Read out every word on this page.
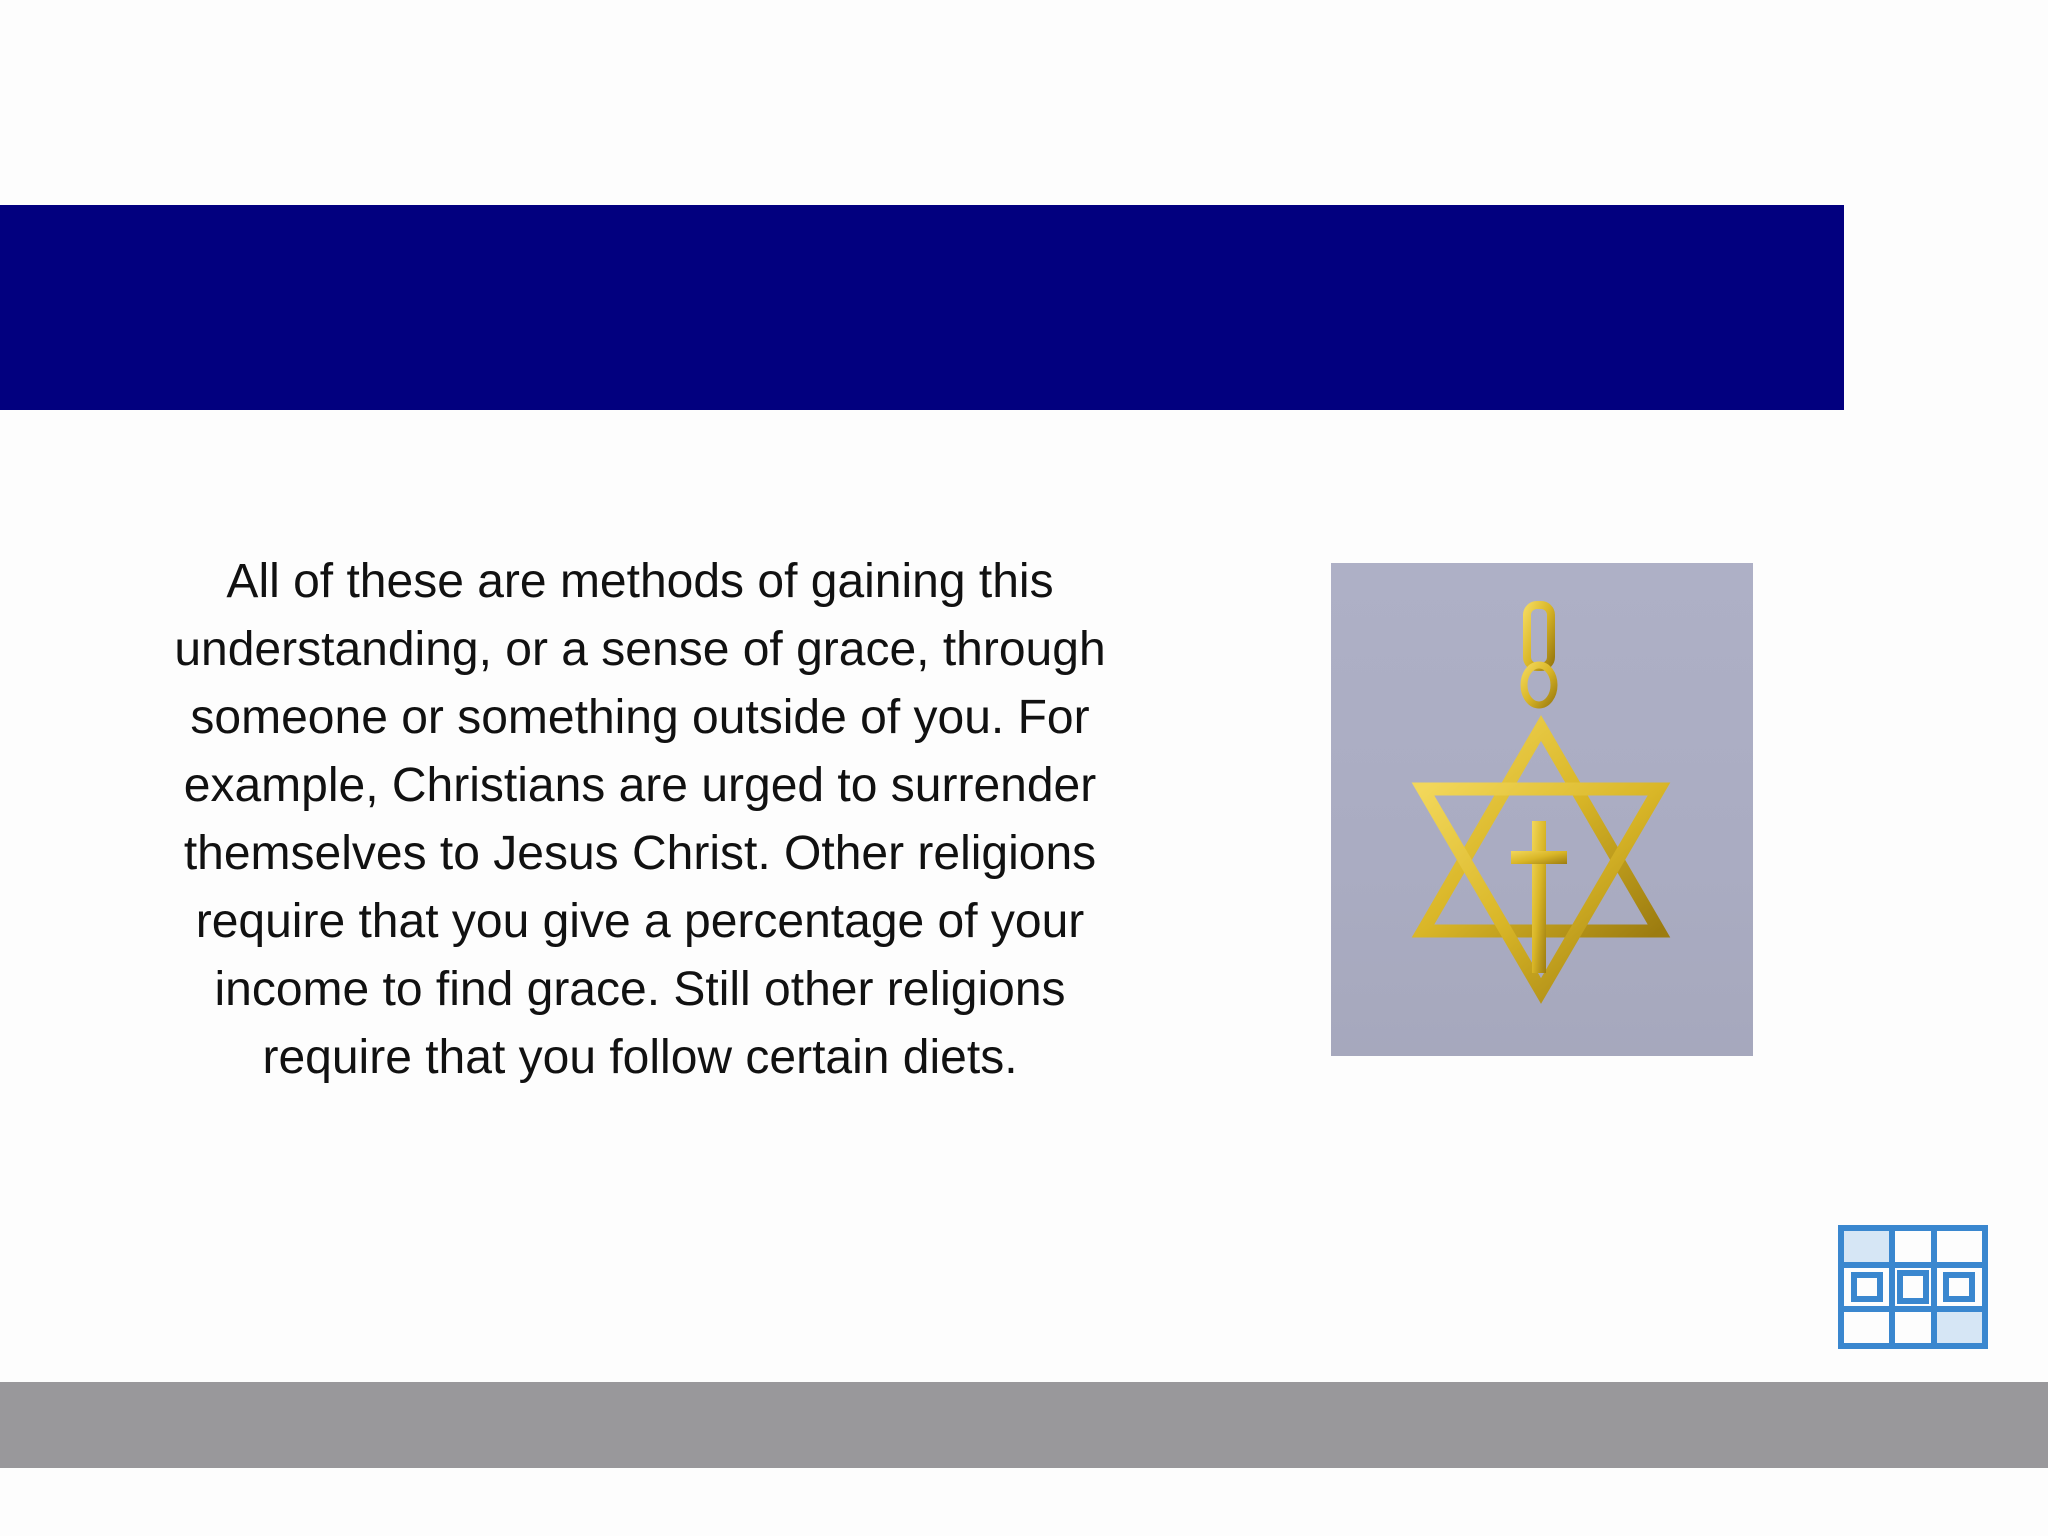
All of these are methods of gaining this
understanding, or a sense of grace, through
someone or something outside of you. For
example, Christians are urged to surrender
themselves to Jesus Christ. Other religions
require that you give a percentage of your
income to find grace. Still other religions
require that you follow certain diets.
